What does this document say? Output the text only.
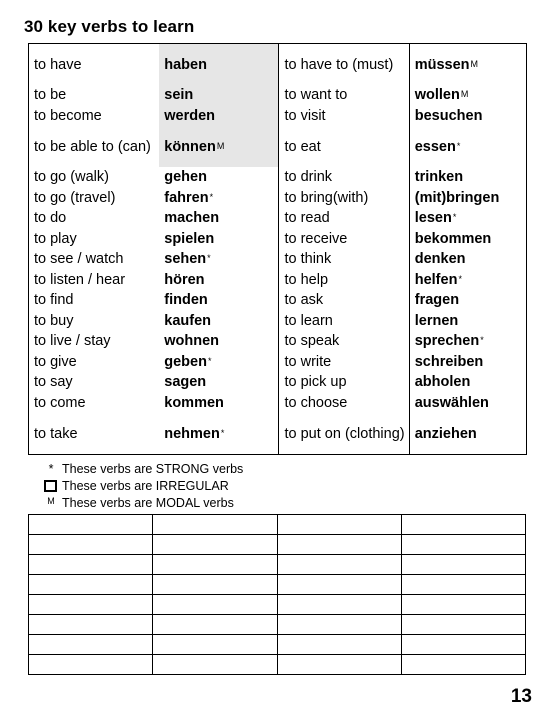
30 key verbs to learn
to have	haben	to have to (must)	müssen$^M$
to be	sein	to want to	wollen$^M$
to become	werden	to visit	besuchen
to be able to (can)	können$^M$	to eat	essen*
to go (walk)	gehen	to drink	trinken
to go (travel)	fahren*	to bring(with)	(mit)bringen
to do	machen	to read	lesen*
to play	spielen	to receive	bekommen
to see / watch	sehen*	to think	denken
to listen / hear	hören	to help	helfen*
to find	finden	to ask	fragen
to buy	kaufen	to learn	lernen
to live / stay	wohnen	to speak	sprechen*
to give	geben*	to write	schreiben
to say	sagen	to pick up	abholen
to come	kommen	to choose	auswählen
to take	nehmen*	to put on (clothing)	anziehen
* These verbs are STRONG verbs
These verbs are IRREGULAR
M These verbs are MODAL verbs

13
